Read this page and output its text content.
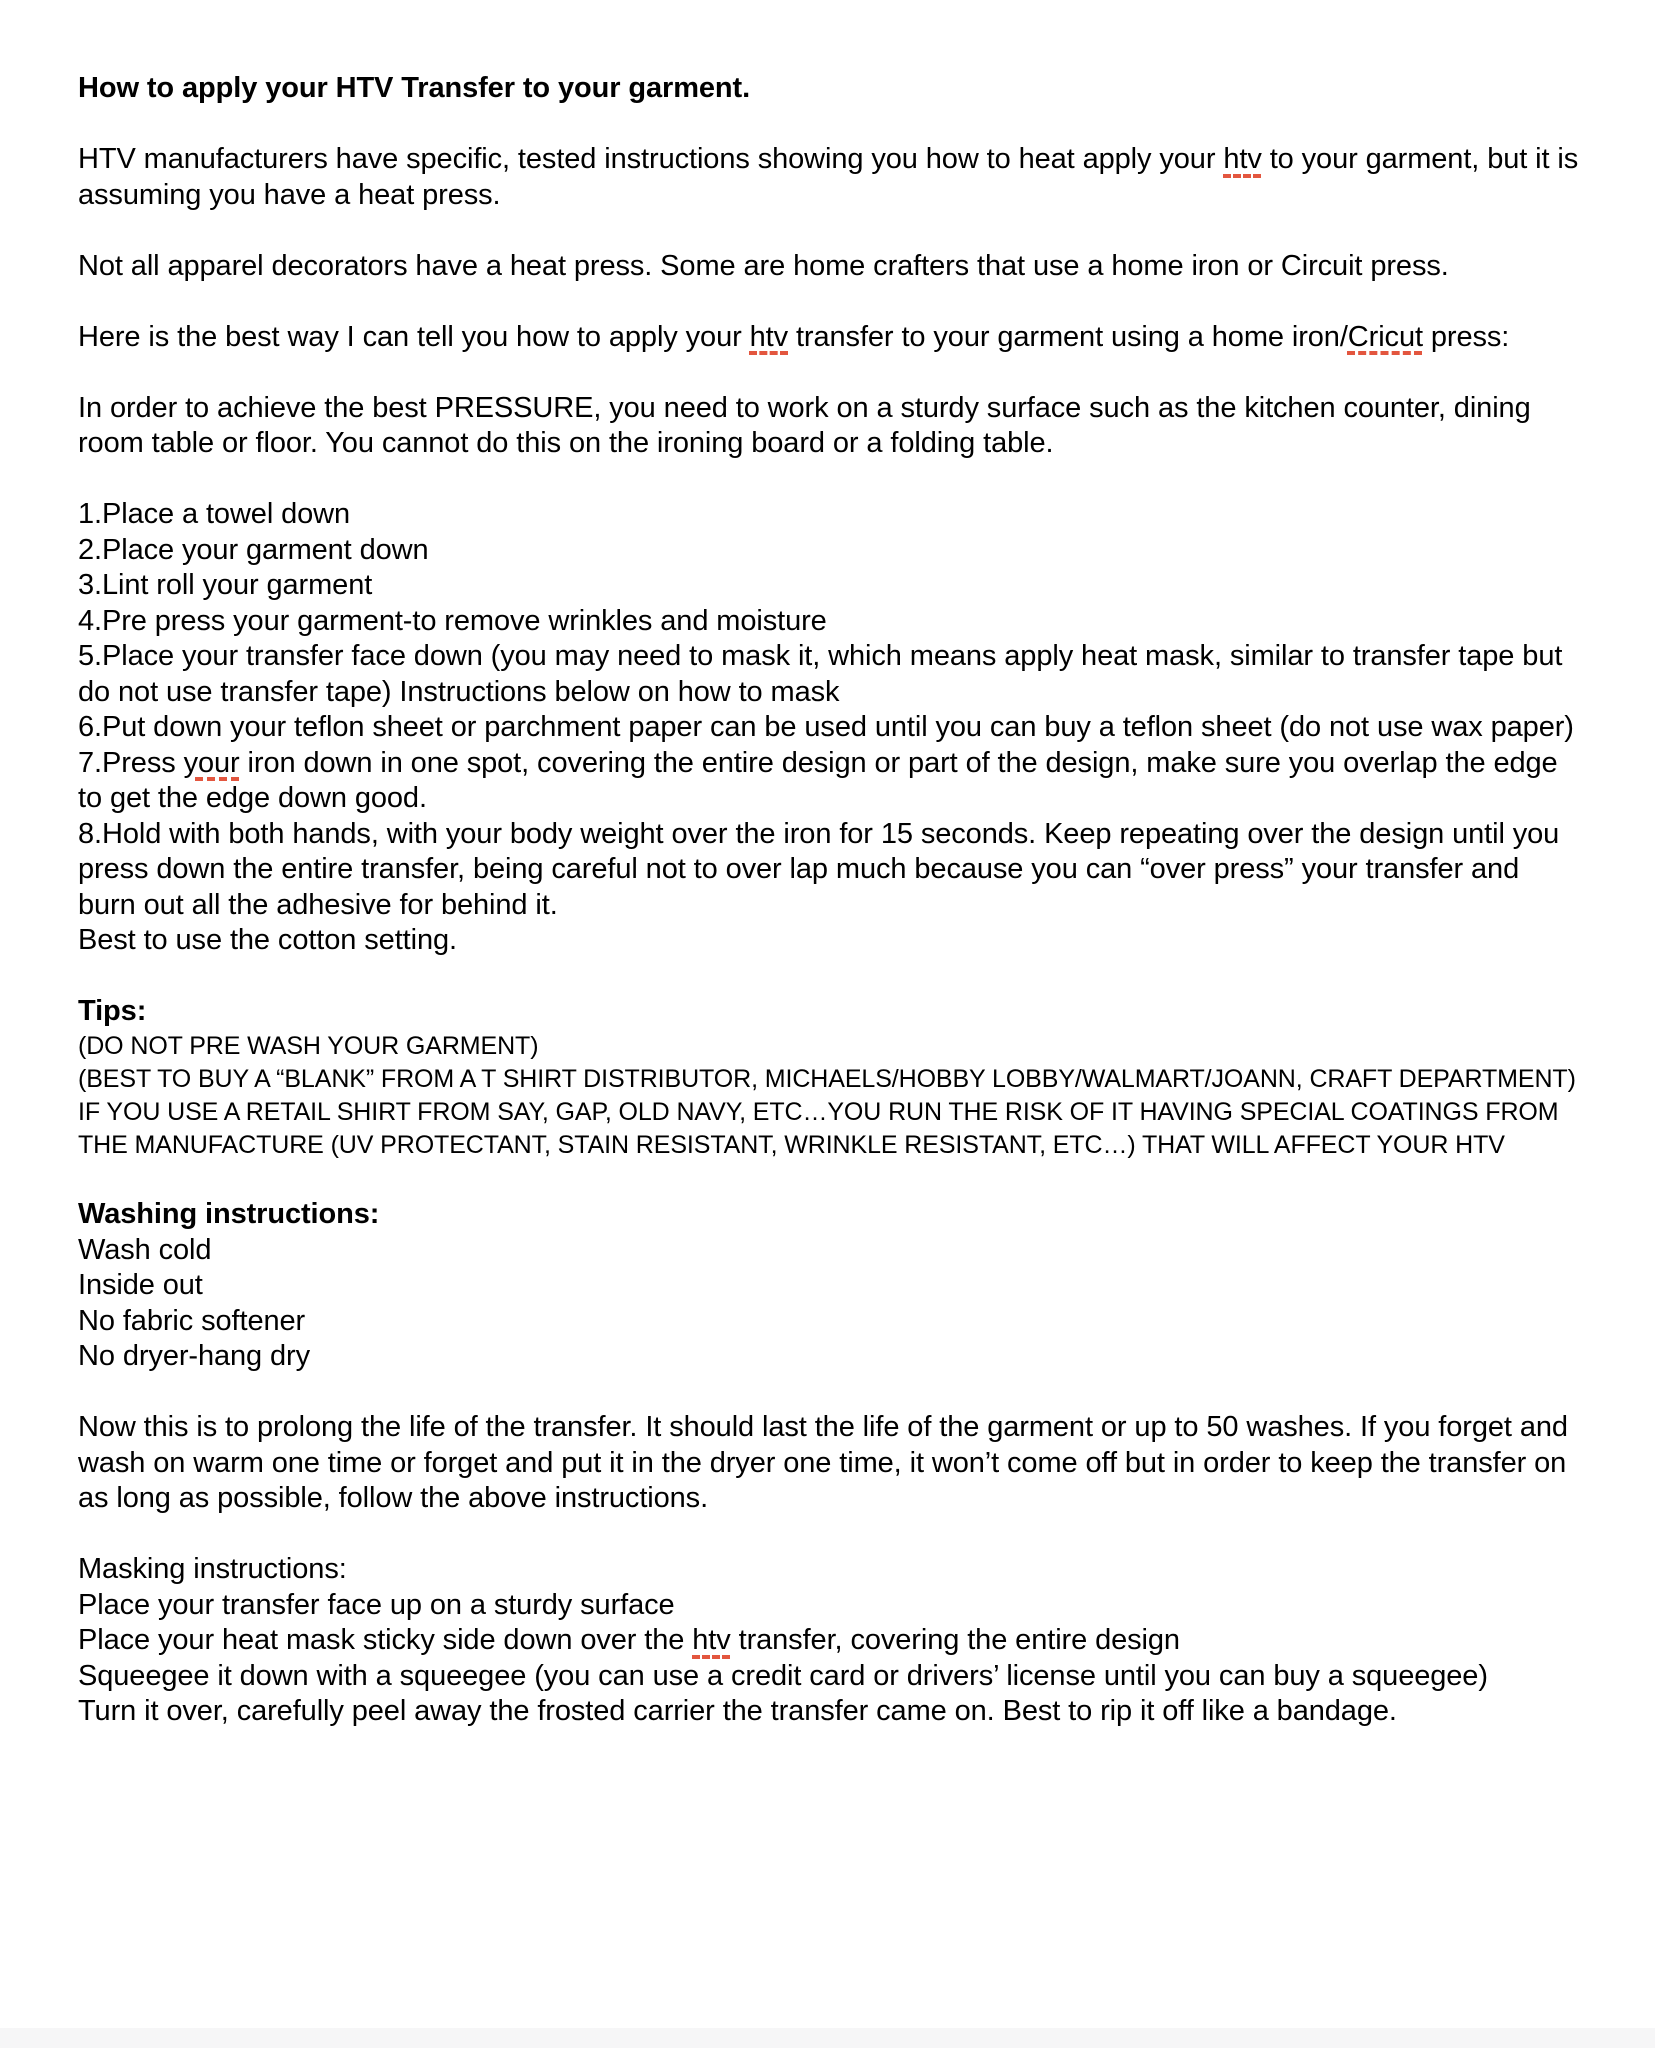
How to apply your HTV Transfer to your garment.
HTV manufacturers have specific, tested instructions showing you how to heat apply your htv to your garment, but it is assuming you have a heat press.
Not all apparel decorators have a heat press. Some are home crafters that use a home iron or Circuit press.
Here is the best way I can tell you how to apply your htv transfer to your garment using a home iron/Cricut press:
In order to achieve the best PRESSURE, you need to work on a sturdy surface such as the kitchen counter, dining room table or floor. You cannot do this on the ironing board or a folding table.
1.Place a towel down
2.Place your garment down
3.Lint roll your garment
4.Pre press your garment-to remove wrinkles and moisture
5.Place your transfer face down (you may need to mask it, which means apply heat mask, similar to transfer tape but do not use transfer tape) Instructions below on how to mask
6.Put down your teflon sheet or parchment paper can be used until you can buy a teflon sheet (do not use wax paper)
7.Press your iron down in one spot, covering the entire design or part of the design, make sure you overlap the edge to get the edge down good.
8.Hold with both hands, with your body weight over the iron for 15 seconds. Keep repeating over the design until you press down the entire transfer, being careful not to over lap much because you can “over press” your transfer and burn out all the adhesive for behind it.
Best to use the cotton setting.
Tips:
(DO NOT PRE WASH YOUR GARMENT)
(BEST TO BUY A “BLANK” FROM A T SHIRT DISTRIBUTOR, MICHAELS/HOBBY LOBBY/WALMART/JOANN, CRAFT DEPARTMENT)
IF YOU USE A RETAIL SHIRT FROM SAY, GAP, OLD NAVY, ETC…YOU RUN THE RISK OF IT HAVING SPECIAL COATINGS FROM THE MANUFACTURE (UV PROTECTANT, STAIN RESISTANT, WRINKLE RESISTANT, ETC…) THAT WILL AFFECT YOUR HTV
Washing instructions:
Wash cold
Inside out
No fabric softener
No dryer-hang dry
Now this is to prolong the life of the transfer. It should last the life of the garment or up to 50 washes. If you forget and wash on warm one time or forget and put it in the dryer one time, it won’t come off but in order to keep the transfer on as long as possible, follow the above instructions.
Masking instructions:
Place your transfer face up on a sturdy surface
Place your heat mask sticky side down over the htv transfer, covering the entire design
Squeegee it down with a squeegee (you can use a credit card or drivers’ license until you can buy a squeegee)
Turn it over, carefully peel away the frosted carrier the transfer came on. Best to rip it off like a bandage.
